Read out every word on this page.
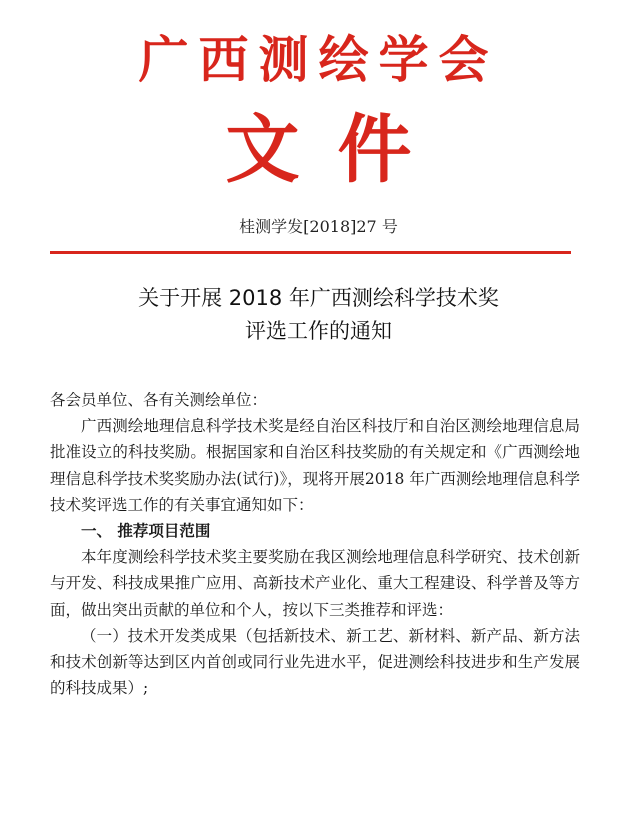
广西测绘学会
文件
桂测学发[2018]27 号
关于开展 2018 年广西测绘科学技术奖
评选工作的通知

各会员单位、各有关测绘单位：

广西测绘地理信息科学技术奖是经自治区科技厅和自治区测绘地理信息局批准设立的科技奖励。根据国家和自治区科技奖励的有关规定和《广西测绘地理信息科学技术奖奖励办法(试行)》，现将开展2018 年广西测绘地理信息科学技术奖评选工作的有关事宜通知如下：

一、 推荐项目范围

本年度测绘科学技术奖主要奖励在我区测绘地理信息科学研究、技术创新与开发、科技成果推广应用、高新技术产业化、重大工程建设、科学普及等方面，做出突出贡献的单位和个人，按以下三类推荐和评选：

（一）技术开发类成果（包括新技术、新工艺、新材料、新产品、新方法和技术创新等达到区内首创或同行业先进水平，促进测绘科技进步和生产发展的科技成果）;
